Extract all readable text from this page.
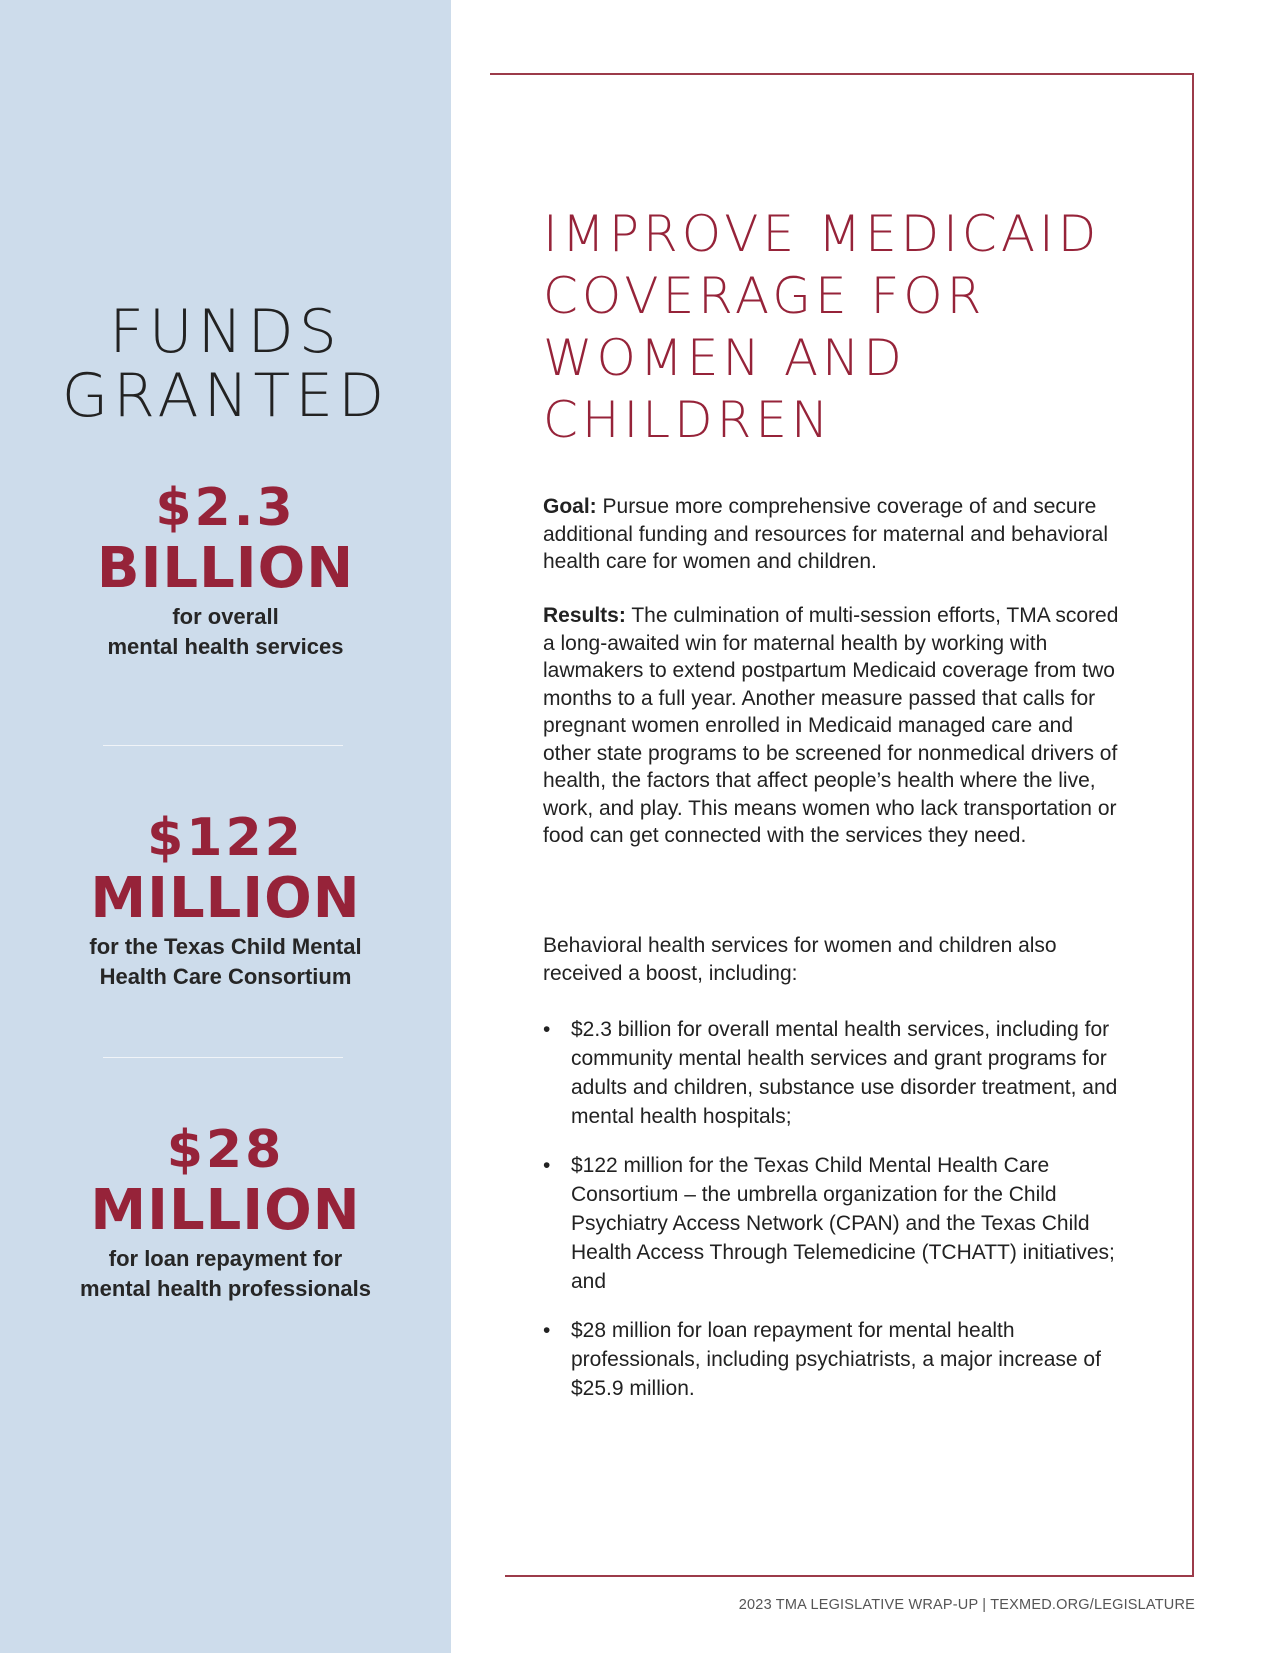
FUNDS
GRANTED
$2.3
BILLION
for overall
mental health services
$122
MILLION
for the Texas Child Mental
Health Care Consortium
$28
MILLION
for loan repayment for
mental health professionals
IMPROVE MEDICAID
COVERAGE FOR
WOMEN AND
CHILDREN

Goal: Pursue more comprehensive coverage of and secure additional funding and resources for maternal and behavioral health care for women and children.

Results: The culmination of multi-session efforts, TMA scored a long-awaited win for maternal health by working with lawmakers to extend postpartum Medicaid coverage from two months to a full year. Another measure passed that calls for pregnant women enrolled in Medicaid managed care and other state programs to be screened for nonmedical drivers of health, the factors that affect people’s health where the live, work, and play. This means women who lack transportation or food can get connected with the services they need.

Behavioral health services for women and children also received a boost, including:

• $2.3 billion for overall mental health services, including for community mental health services and grant programs for adults and children, substance use disorder treatment, and mental health hospitals;
• $122 million for the Texas Child Mental Health Care Consortium – the umbrella organization for the Child Psychiatry Access Network (CPAN) and the Texas Child Health Access Through Telemedicine (TCHATT) initiatives; and
• $28 million for loan repayment for mental health professionals, including psychiatrists, a major increase of $25.9 million.
2023 TMA LEGISLATIVE WRAP-UP | TEXMED.ORG/LEGISLATURE
